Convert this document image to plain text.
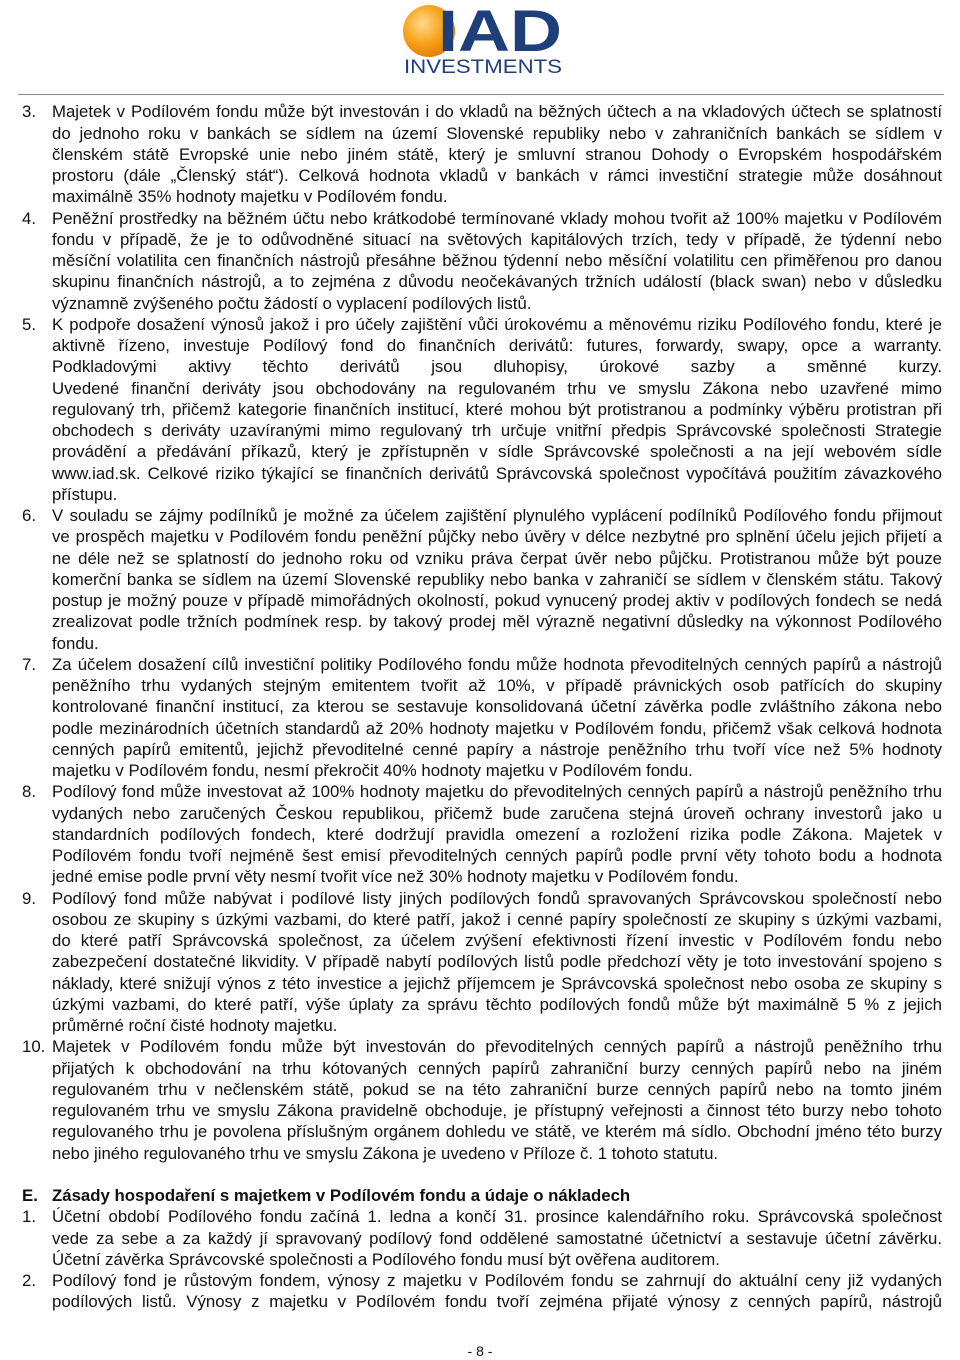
IAD
INVESTMENTS
3. Majetek v Podílovém fondu může být investován i do vkladů na běžných účtech a na vkladových účtech se splatností
do jednoho roku v bankách se sídlem na území Slovenské republiky nebo v zahraničních bankách se sídlem v
členském státě Evropské unie nebo jiném státě, který je smluvní stranou Dohody o Evropském hospodářském
prostoru (dále „Členský stát“). Celková hodnota vkladů v bankách v rámci investiční strategie může dosáhnout
maximálně 35% hodnoty majetku v Podílovém fondu.
4. Peněžní prostředky na běžném účtu nebo krátkodobé termínované vklady mohou tvořit až 100% majetku v Podílovém
fondu v případě, že je to odůvodněné situací na světových kapitálových trzích, tedy v případě, že týdenní nebo
měsíční volatilita cen finančních nástrojů přesáhne běžnou týdenní nebo měsíční volatilitu cen přiměřenou pro danou
skupinu finančních nástrojů, a to zejména z důvodu neočekávaných tržních událostí (black swan) nebo v důsledku
významně zvýšeného počtu žádostí o vyplacení podílových listů.
5. K podpoře dosažení výnosů jakož i pro účely zajištění vůči úrokovému a měnovému riziku Podílového fondu, které je
aktivně řízeno, investuje Podílový fond do finančních derivátů: futures, forwardy, swapy, opce a warranty.
Podkladovými aktivy těchto derivátů jsou dluhopisy, úrokové sazby a směnné kurzy.
Uvedené finanční deriváty jsou obchodovány na regulovaném trhu ve smyslu Zákona nebo uzavřené mimo
regulovaný trh, přičemž kategorie finančních institucí, které mohou být protistranou a podmínky výběru protistran při
obchodech s deriváty uzavíranými mimo regulovaný trh určuje vnitřní předpis Správcovské společnosti Strategie
provádění a předávání příkazů, který je zpřístupněn v sídle Správcovské společnosti a na její webovém sídle
www.iad.sk. Celkové riziko týkající se finančních derivátů Správcovská společnost vypočítává použitím závazkového
přístupu.
6. V souladu se zájmy podílníků je možné za účelem zajištění plynulého vyplácení podílníků Podílového fondu přijmout
ve prospěch majetku v Podílovém fondu peněžní půjčky nebo úvěry v délce nezbytné pro splnění účelu jejich přijetí a
ne déle než se splatností do jednoho roku od vzniku práva čerpat úvěr nebo půjčku. Protistranou může být pouze
komerční banka se sídlem na území Slovenské republiky nebo banka v zahraničí se sídlem v členském státu. Takový
postup je možný pouze v případě mimořádných okolností, pokud vynucený prodej aktiv v podílových fondech se nedá
zrealizovat podle tržních podmínek resp. by takový prodej měl výrazně negativní důsledky na výkonnost Podílového
fondu.
7. Za účelem dosažení cílů investiční politiky Podílového fondu může hodnota převoditelných cenných papírů a nástrojů
peněžního trhu vydaných stejným emitentem tvořit až 10%, v případě právnických osob patřících do skupiny
kontrolované finanční institucí, za kterou se sestavuje konsolidovaná účetní závěrka podle zvláštního zákona nebo
podle mezinárodních účetních standardů až 20% hodnoty majetku v Podílovém fondu, přičemž však celková hodnota
cenných papírů emitentů, jejichž převoditelné cenné papíry a nástroje peněžního trhu tvoří více než 5% hodnoty
majetku v Podílovém fondu, nesmí překročit 40% hodnoty majetku v Podílovém fondu.
8. Podílový fond může investovat až 100% hodnoty majetku do převoditelných cenných papírů a nástrojů peněžního trhu
vydaných nebo zaručených Českou republikou, přičemž bude zaručena stejná úroveň ochrany investorů jako u
standardních podílových fondech, které dodržují pravidla omezení a rozložení rizika podle Zákona. Majetek v
Podílovém fondu tvoří nejméně šest emisí převoditelných cenných papírů podle první věty tohoto bodu a hodnota
jedné emise podle první věty nesmí tvořit více než 30% hodnoty majetku v Podílovém fondu.
9. Podílový fond může nabývat i podílové listy jiných podílových fondů spravovaných Správcovskou společností nebo
osobou ze skupiny s úzkými vazbami, do které patří, jakož i cenné papíry společností ze skupiny s úzkými vazbami,
do které patří Správcovská společnost, za účelem zvýšení efektivnosti řízení investic v Podílovém fondu nebo
zabezpečení dostatečné likvidity. V případě nabytí podílových listů podle předchozí věty je toto investování spojeno s
náklady, které snižují výnos z této investice a jejichž příjemcem je Správcovská společnost nebo osoba ze skupiny s
úzkými vazbami, do které patří, výše úplaty za správu těchto podílových fondů může být maximálně 5 % z jejich
průměrné roční čisté hodnoty majetku.
10. Majetek v Podílovém fondu může být investován do převoditelných cenných papírů a nástrojů peněžního trhu
přijatých k obchodování na trhu kótovaných cenných papírů zahraniční burzy cenných papírů nebo na jiném
regulovaném trhu v nečlenském státě, pokud se na této zahraniční burze cenných papírů nebo na tomto jiném
regulovaném trhu ve smyslu Zákona pravidelně obchoduje, je přístupný veřejnosti a činnost této burzy nebo tohoto
regulovaného trhu je povolena příslušným orgánem dohledu ve státě, ve kterém má sídlo. Obchodní jméno této burzy
nebo jiného regulovaného trhu ve smyslu Zákona je uvedeno v Příloze č. 1 tohoto statutu.
E. Zásady hospodaření s majetkem v Podílovém fondu a údaje o nákladech
1. Účetní období Podílového fondu začíná 1. ledna a končí 31. prosince kalendářního roku. Správcovská společnost
vede za sebe a za každý jí spravovaný podílový fond oddělené samostatné účetnictví a sestavuje účetní závěrku.
Účetní závěrka Správcovské společnosti a Podílového fondu musí být ověřena auditorem.
2. Podílový fond je růstovým fondem, výnosy z majetku v Podílovém fondu se zahrnují do aktuální ceny již vydaných
podílových listů. Výnosy z majetku v Podílovém fondu tvoří zejména přijaté výnosy z cenných papírů, nástrojů
- 8 -
